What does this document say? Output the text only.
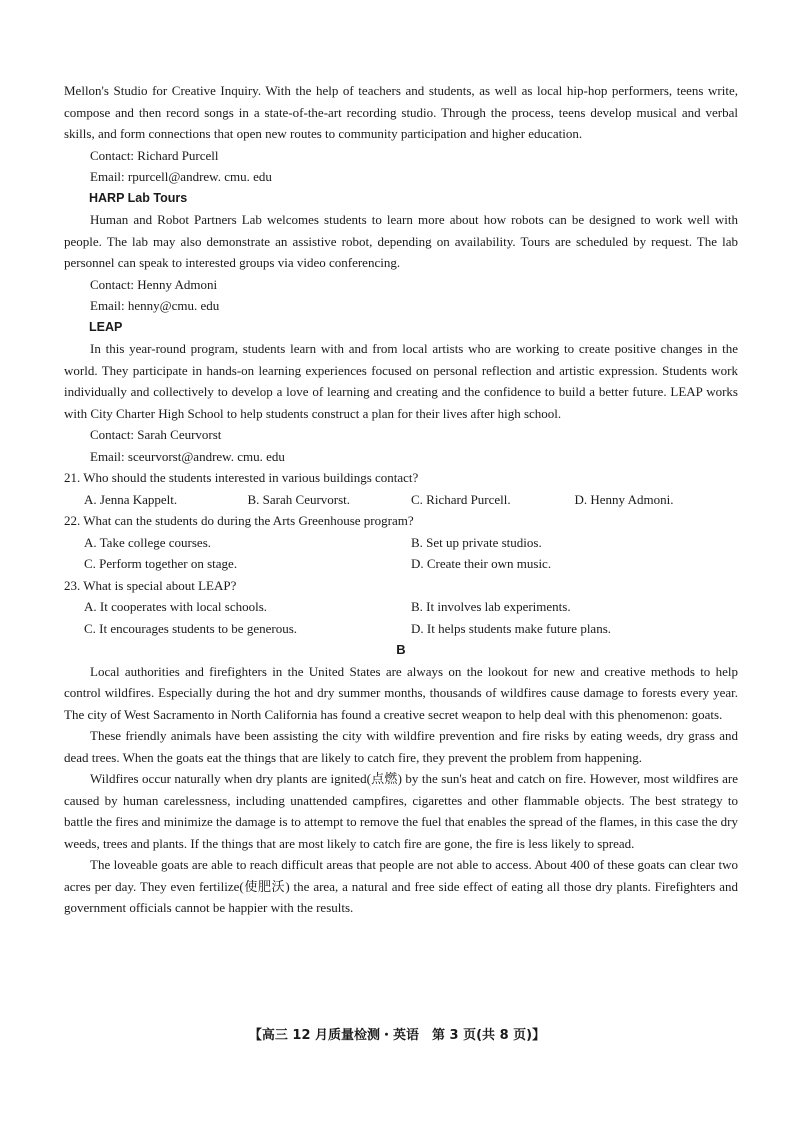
Mellon's Studio for Creative Inquiry. With the help of teachers and students, as well as local hip-hop performers, teens write, compose and then record songs in a state-of-the-art recording studio. Through the process, teens develop musical and verbal skills, and form connections that open new routes to community participation and higher education.

Contact: Richard Purcell

Email: rpurcell@andrew. cmu. edu

HARP Lab Tours

Human and Robot Partners Lab welcomes students to learn more about how robots can be designed to work well with people. The lab may also demonstrate an assistive robot, depending on availability. Tours are scheduled by request. The lab personnel can speak to interested groups via video conferencing.

Contact: Henny Admoni

Email: henny@cmu. edu

LEAP

In this year-round program, students learn with and from local artists who are working to create positive changes in the world. They participate in hands-on learning experiences focused on personal reflection and artistic expression. Students work individually and collectively to develop a love of learning and creating and the confidence to build a better future. LEAP works with City Charter High School to help students construct a plan for their lives after high school.

Contact: Sarah Ceurvorst

Email: sceurvorst@andrew. cmu. edu

21. Who should the students interested in various buildings contact?
A. Jenna Kappelt.	B. Sarah Ceurvorst.	C. Richard Purcell.	D. Henny Admoni.
22. What can the students do during the Arts Greenhouse program?
A. Take college courses.	B. Set up private studios.
C. Perform together on stage.	D. Create their own music.
23. What is special about LEAP?
A. It cooperates with local schools.	B. It involves lab experiments.
C. It encourages students to be generous.	D. It helps students make future plans.

B

Local authorities and firefighters in the United States are always on the lookout for new and creative methods to help control wildfires. Especially during the hot and dry summer months, thousands of wildfires cause damage to forests every year. The city of West Sacramento in North California has found a creative secret weapon to help deal with this phenomenon: goats.

These friendly animals have been assisting the city with wildfire prevention and fire risks by eating weeds, dry grass and dead trees. When the goats eat the things that are likely to catch fire, they prevent the problem from happening.

Wildfires occur naturally when dry plants are ignited(点燃) by the sun's heat and catch on fire. However, most wildfires are caused by human carelessness, including unattended campfires, cigarettes and other flammable objects. The best strategy to battle the fires and minimize the damage is to attempt to remove the fuel that enables the spread of the flames, in this case the dry weeds, trees and plants. If the things that are most likely to catch fire are gone, the fire is less likely to spread.

The loveable goats are able to reach difficult areas that people are not able to access. About 400 of these goats can clear two acres per day. They even fertilize(使肥沃) the area, a natural and free side effect of eating all those dry plants. Firefighters and government officials cannot be happier with the results.

【高三 12 月质量检测・英语　第 3 页(共 8 页)】
